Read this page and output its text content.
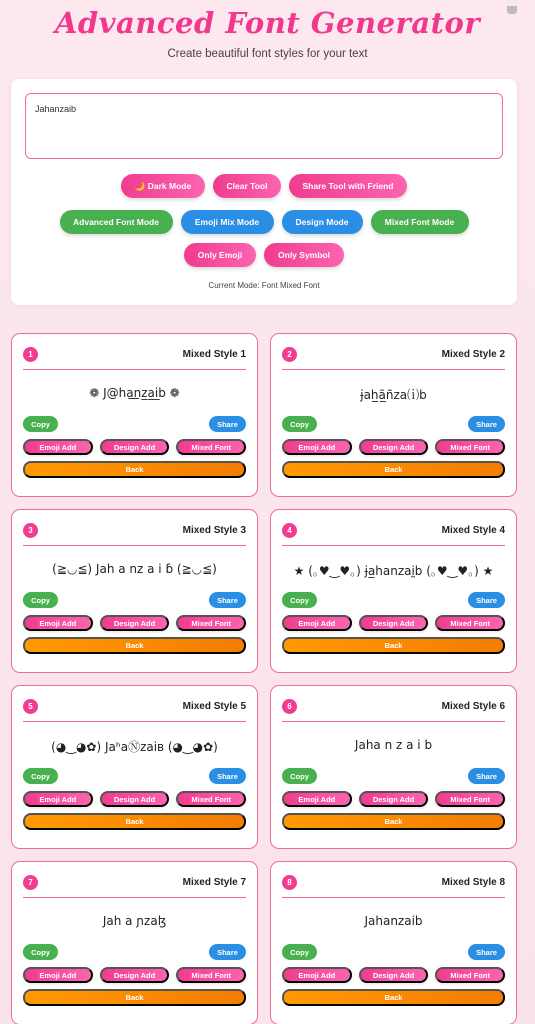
Advanced Font Generator

Create beautiful font styles for your text

Jahanzaib
🌙 Dark Mode	Clear Tool	Share Tool with Friend
Advanced Font Mode	Emoji Mix Mode	Design Mode	Mixed Font Mode
Only Emoji	Only Symbol

Current Mode: Font Mixed Font

1	Mixed Style 1
❁ J@ha͟nz̲a̲i̲b ❁
Copy	Share
Emoji Add	Design Add	Mixed Font
Back
2	Mixed Style 2
ɉah̲ã̲ñza⒤b
Copy	Share
Emoji Add	Design Add	Mixed Font
Back
3	Mixed Style 3
(≧◡≦) Jah a nz a i ɓ (≧◡≦)
Copy	Share
Emoji Add	Design Add	Mixed Font
Back
4	Mixed Style 4
★ (｡♥‿♥｡) ɉa̲hanzaḭb (｡♥‿♥｡) ★
Copy	Share
Emoji Add	Design Add	Mixed Font
Back
5	Mixed Style 5
(◕‿◕✿) JaʰaⓃzaiʙ (◕‿◕✿)
Copy	Share
Emoji Add	Design Add	Mixed Font
Back
6	Mixed Style 6
Jaha n z a i b
Copy	Share
Emoji Add	Design Add	Mixed Font
Back
7	Mixed Style 7
Jaհ a ɲzaɮ
Copy	Share
Emoji Add	Design Add	Mixed Font
Back
8	Mixed Style 8
Jahanzaib
Copy	Share
Emoji Add	Design Add	Mixed Font
Back
